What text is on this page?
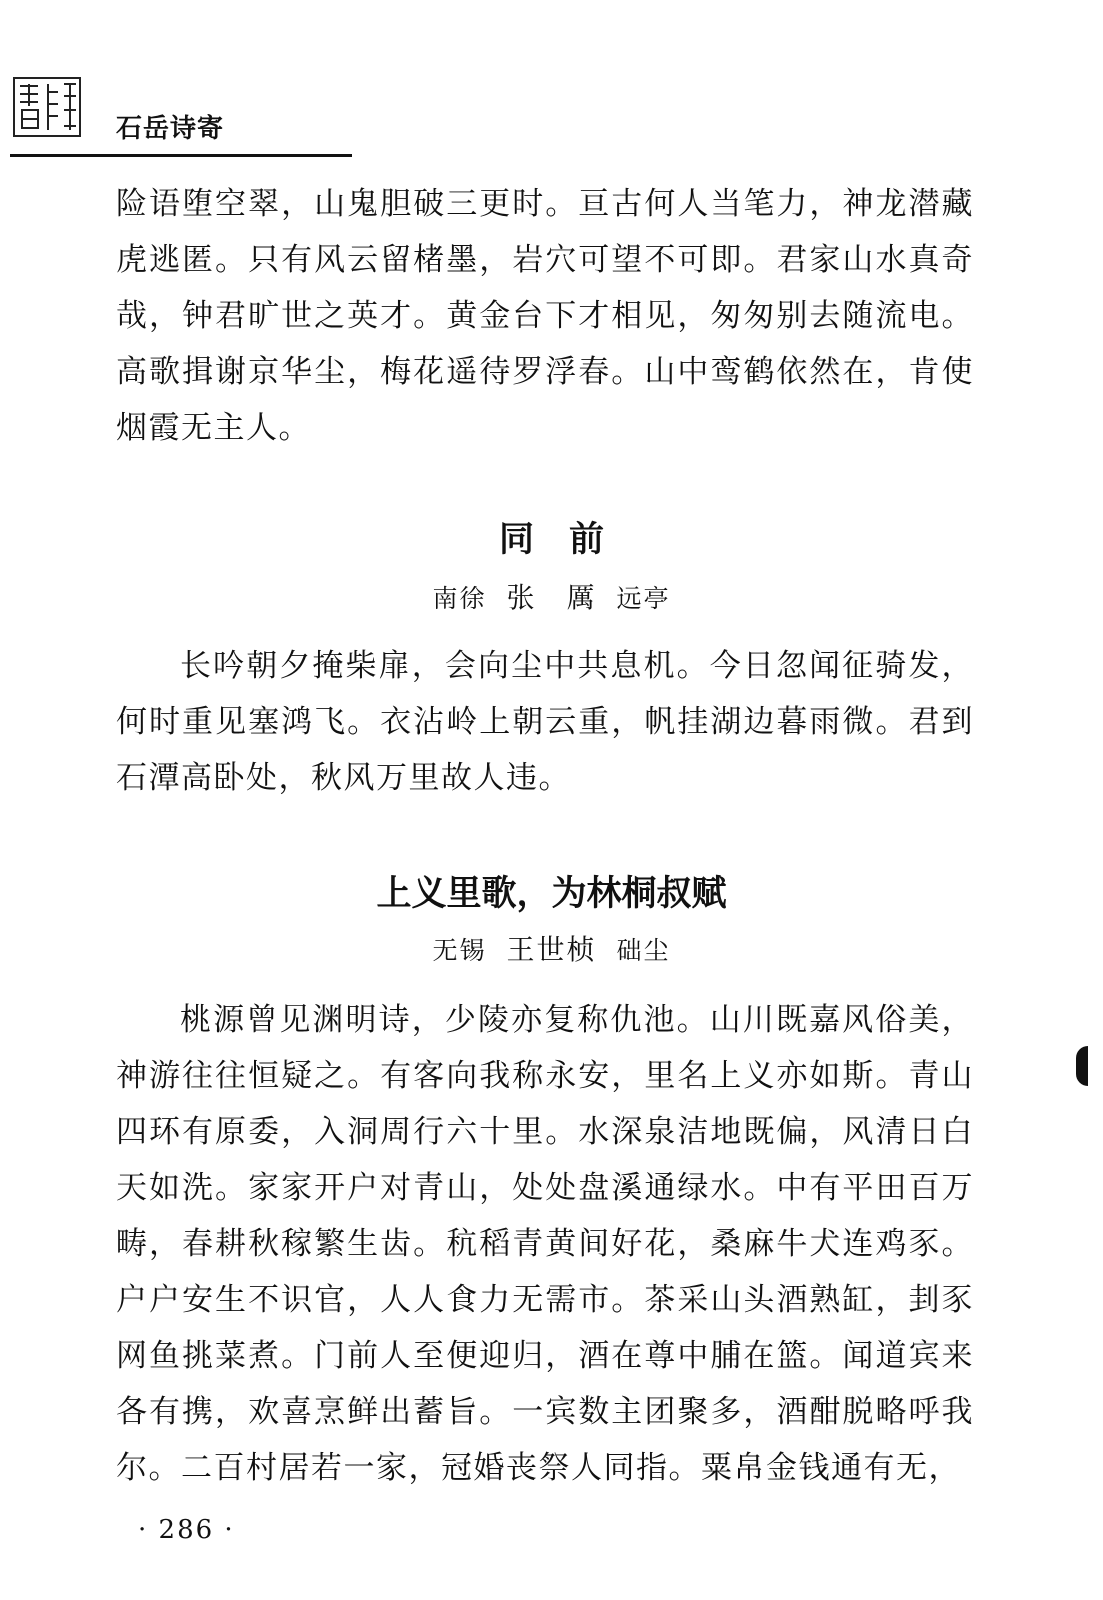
石岳诗寄

险语堕空翠，山鬼胆破三更时。亘古何人当笔力，神龙潜藏虎逃匿。只有风云留楮墨，岩穴可望不可即。君家山水真奇哉，钟君旷世之英才。黄金台下才相见，匆匆别去随流电。高歌揖谢京华尘，梅花遥待罗浮春。山中鸾鹤依然在，肯使烟霞无主人。

同　前
南徐 张　厲 远亭

长吟朝夕掩柴扉，会向尘中共息机。今日忽闻征骑发，何时重见塞鸿飞。衣沾岭上朝云重，帆挂湖边暮雨微。君到石潭高卧处，秋风万里故人违。

上义里歌，为林桐叔赋
无锡 王世桢 础尘

桃源曾见渊明诗，少陵亦复称仇池。山川既嘉风俗美，神游往往恒疑之。有客向我称永安，里名上义亦如斯。青山四环有原委，入洞周行六十里。水深泉洁地既偏，风清日白天如洗。家家开户对青山，处处盘溪通绿水。中有平田百万畴，春耕秋稼繁生齿。秔稻青黄间好花，桑麻牛犬连鸡豕。户户安生不识官，人人食力无需市。茶采山头酒熟缸，刲豕网鱼挑菜煮。门前人至便迎归，酒在尊中脯在篮。闻道宾来各有携，欢喜烹鲜出蓄旨。一宾数主团聚多，酒酣脱略呼我尔。二百村居若一家，冠婚丧祭人同指。粟帛金钱通有无，

· 286 ·
